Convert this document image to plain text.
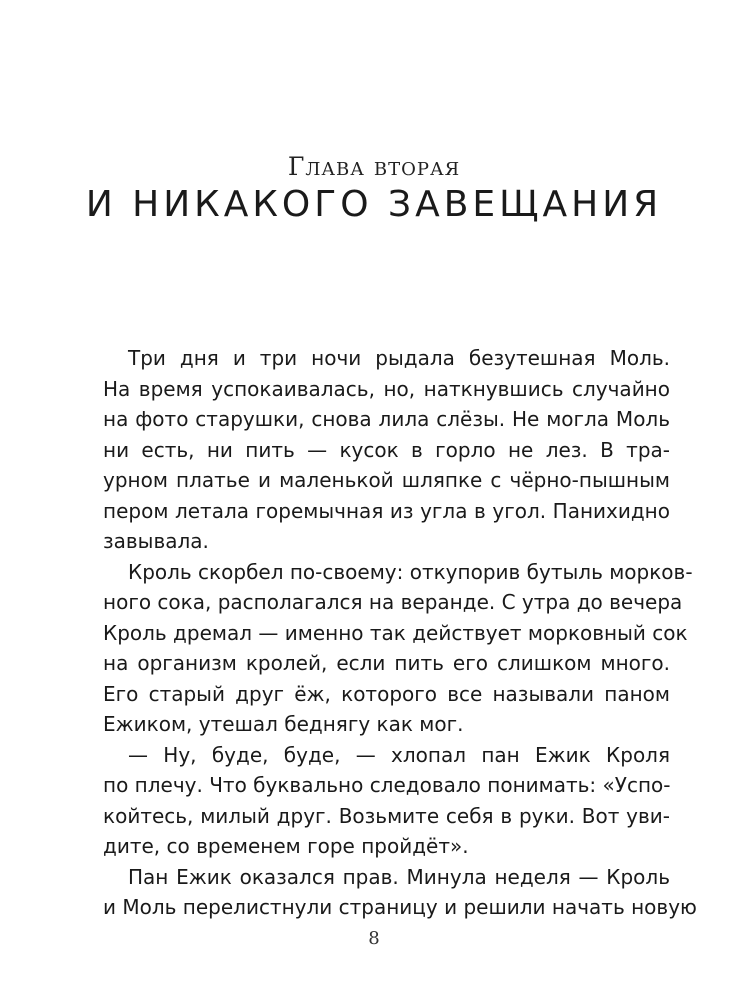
Глава вторая
И НИКАКОГО ЗАВЕЩАНИЯ
Три дня и три ночи рыдала безутешная Моль.
На время успокаивалась, но, наткнувшись случайно
на фото старушки, снова лила слёзы. Не могла Моль
ни есть, ни пить — кусок в горло не лез. В тра-
урном платье и маленькой шляпке с чёрно-пышным
пером летала горемычная из угла в угол. Панихидно
завывала.
Кроль скорбел по-своему: откупорив бутыль морков-
ного сока, располагался на веранде. С утра до вечера
Кроль дремал — именно так действует морковный сок
на организм кролей, если пить его слишком много.
Его старый друг ёж, которого все называли паном
Ежиком, утешал беднягу как мог.
— Ну, буде, буде, — хлопал пан Ежик Кроля
по плечу. Что буквально следовало понимать: «Успо-
койтесь, милый друг. Возьмите себя в руки. Вот уви-
дите, со временем горе пройдёт».
Пан Ежик оказался прав. Минула неделя — Кроль
и Моль перелистнули страницу и решили начать новую
8
